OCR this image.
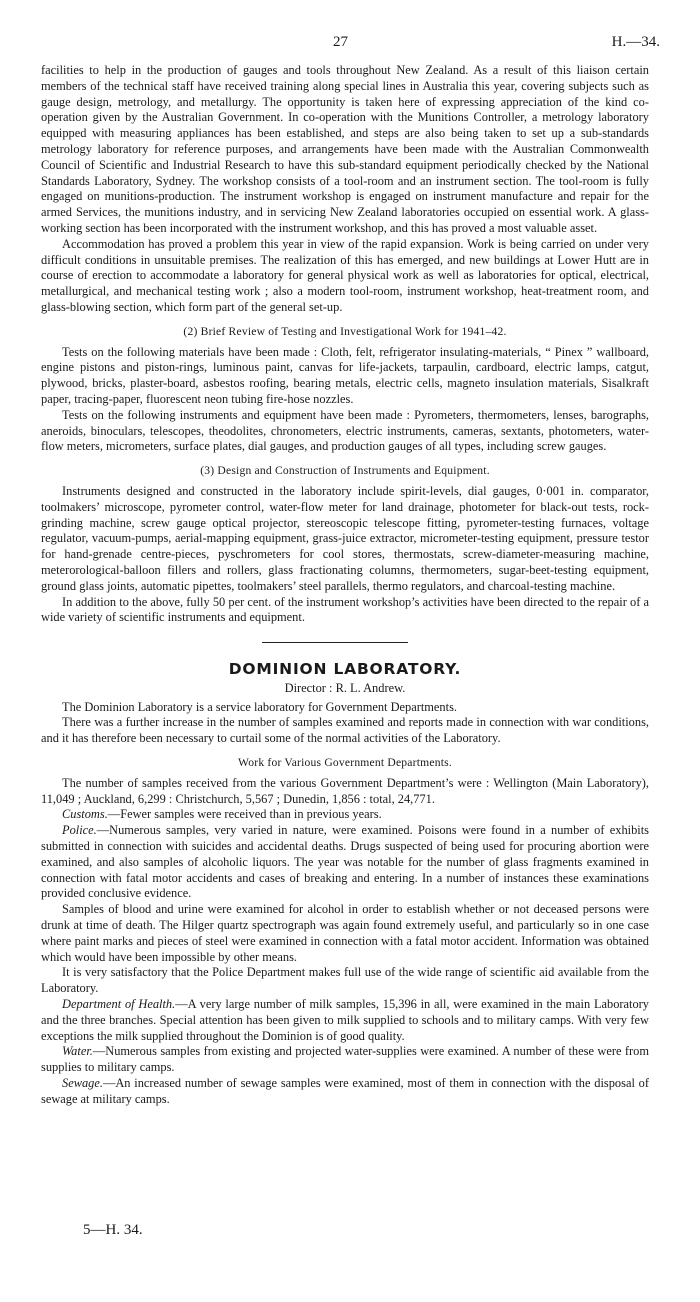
27	H.—34.

facilities to help in the production of gauges and tools throughout New Zealand. As a result of this liaison certain members of the technical staff have received training along special lines in Australia this year, covering subjects such as gauge design, metrology, and metallurgy. The opportunity is taken here of expressing appreciation of the kind co-operation given by the Australian Government. In co-operation with the Munitions Controller, a metrology laboratory equipped with measuring appliances has been established, and steps are also being taken to set up a sub-standards metrology laboratory for reference purposes, and arrangements have been made with the Australian Commonwealth Council of Scientific and Industrial Research to have this sub-standard equipment periodically checked by the National Standards Laboratory, Sydney. The workshop consists of a tool-room and an instrument section. The tool-room is fully engaged on munitions-production. The instrument workshop is engaged on instrument manufacture and repair for the armed Services, the munitions industry, and in servicing New Zealand laboratories occupied on essential work. A glass-working section has been incorporated with the instrument workshop, and this has proved a most valuable asset.

Accommodation has proved a problem this year in view of the rapid expansion. Work is being carried on under very difficult conditions in unsuitable premises. The realization of this has emerged, and new buildings at Lower Hutt are in course of erection to accommodate a laboratory for general physical work as well as laboratories for optical, electrical, metallurgical, and mechanical testing work ; also a modern tool-room, instrument workshop, heat-treatment room, and glass-blowing section, which form part of the general set-up.

(2) Brief Review of Testing and Investigational Work for 1941–42.

Tests on the following materials have been made : Cloth, felt, refrigerator insulating-materials, “ Pinex ” wallboard, engine pistons and piston-rings, luminous paint, canvas for life-jackets, tarpaulin, cardboard, electric lamps, catgut, plywood, bricks, plaster-board, asbestos roofing, bearing metals, electric cells, magneto insulation materials, Sisalkraft paper, tracing-paper, fluorescent neon tubing fire-hose nozzles.

Tests on the following instruments and equipment have been made : Pyrometers, thermometers, lenses, barographs, aneroids, binoculars, telescopes, theodolites, chronometers, electric instruments, cameras, sextants, photometers, water-flow meters, micrometers, surface plates, dial gauges, and production gauges of all types, including screw gauges.

(3) Design and Construction of Instruments and Equipment.

Instruments designed and constructed in the laboratory include spirit-levels, dial gauges, 0·001 in. comparator, toolmakers’ microscope, pyrometer control, water-flow meter for land drainage, photometer for black-out tests, rock-grinding machine, screw gauge optical projector, stereoscopic telescope fitting, pyrometer-testing furnaces, voltage regulator, vacuum-pumps, aerial-mapping equipment, grass-juice extractor, micrometer-testing equipment, pressure testor for hand-grenade centre-pieces, pyschrometers for cool stores, thermostats, screw-diameter-measuring machine, meterorological-balloon fillers and rollers, glass fractionating columns, thermometers, sugar-beet-testing equipment, ground glass joints, automatic pipettes, toolmakers’ steel parallels, thermo regulators, and charcoal-testing machine.

In addition to the above, fully 50 per cent. of the instrument workshop’s activities have been directed to the repair of a wide variety of scientific instruments and equipment.

DOMINION LABORATORY.
Director : R. L. Andrew.

The Dominion Laboratory is a service laboratory for Government Departments.

There was a further increase in the number of samples examined and reports made in connection with war conditions, and it has therefore been necessary to curtail some of the normal activities of the Laboratory.

Work for Various Government Departments.

The number of samples received from the various Government Department’s were : Wellington (Main Laboratory), 11,049 ; Auckland, 6,299 : Christchurch, 5,567 ; Dunedin, 1,856 : total, 24,771.

Customs.—Fewer samples were received than in previous years.

Police.—Numerous samples, very varied in nature, were examined. Poisons were found in a number of exhibits submitted in connection with suicides and accidental deaths. Drugs suspected of being used for procuring abortion were examined, and also samples of alcoholic liquors. The year was notable for the number of glass fragments examined in connection with fatal motor accidents and cases of breaking and entering. In a number of instances these examinations provided conclusive evidence.

Samples of blood and urine were examined for alcohol in order to establish whether or not deceased persons were drunk at time of death. The Hilger quartz spectrograph was again found extremely useful, and particularly so in one case where paint marks and pieces of steel were examined in connection with a fatal motor accident. Information was obtained which would have been impossible by other means.

It is very satisfactory that the Police Department makes full use of the wide range of scientific aid available from the Laboratory.

Department of Health.—A very large number of milk samples, 15,396 in all, were examined in the main Laboratory and the three branches. Special attention has been given to milk supplied to schools and to military camps. With very few exceptions the milk supplied throughout the Dominion is of good quality.

Water.—Numerous samples from existing and projected water-supplies were examined. A number of these were from supplies to military camps.

Sewage.—An increased number of sewage samples were examined, most of them in connection with the disposal of sewage at military camps.

5—H. 34.
